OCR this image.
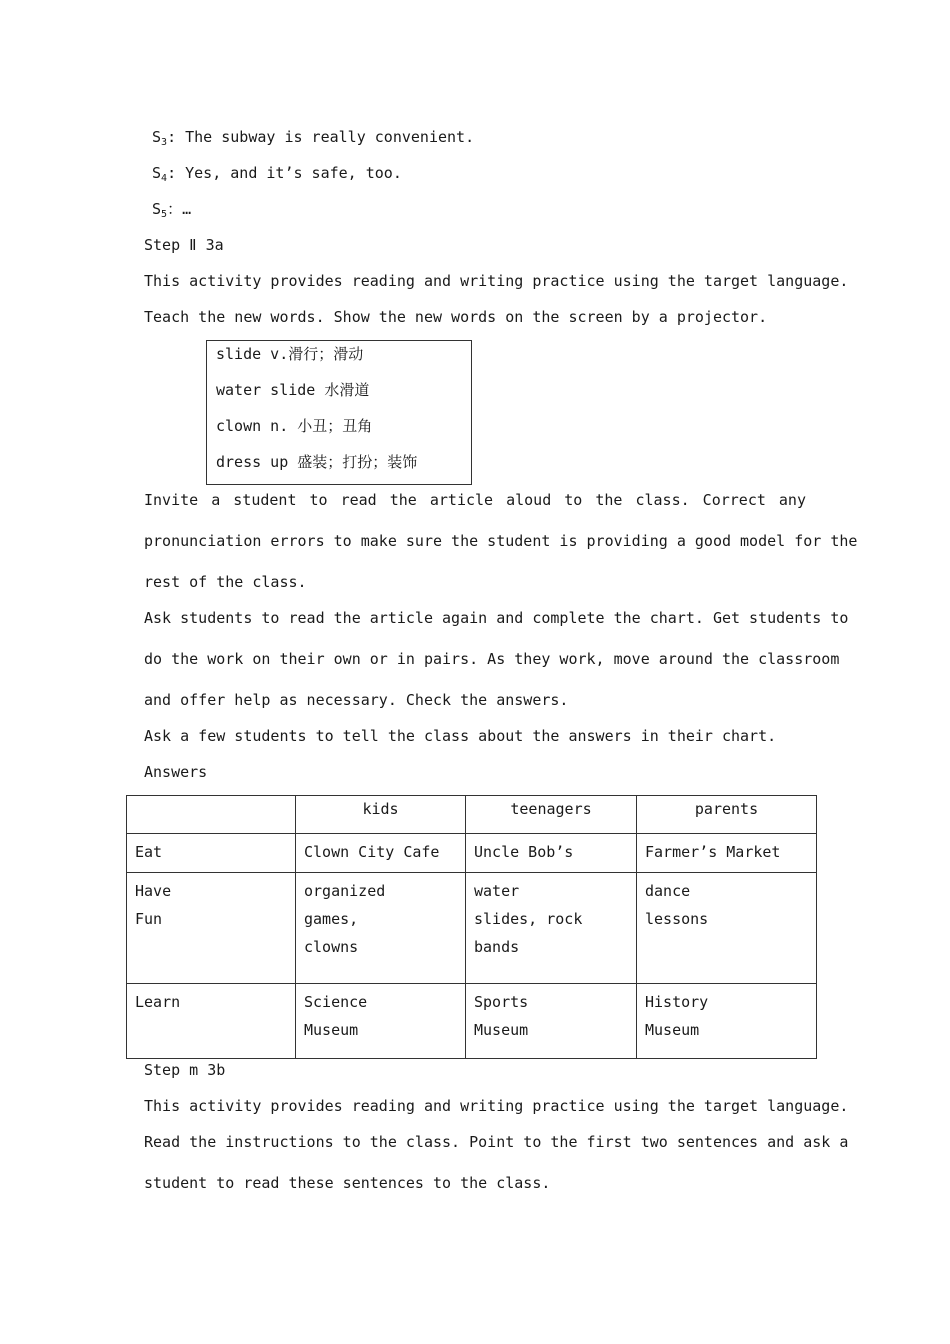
$S_3$: The subway is really convenient.
$S_4$: Yes, and it’s safe, too.
$S_5$：…
Step Ⅱ 3a
This activity provides reading and writing practice using the target language.
Teach the new words. Show the new words on the screen by a projector.
slide v.滑行；滑动
water slide 水滑道
clown n. 小丑；丑角
dress up 盛装；打扮；装饰
Invite a student to read the article aloud to the class. Correct any
pronunciation errors to make sure the student is providing a good model for the
rest of the class.
Ask students to read the article again and complete the chart. Get students to
do the work on their own or in pairs. As they work, move around the classroom
and offer help as necessary. Check the answers.
Ask a few students to tell the class about the answers in their chart.
Answers
	kids	teenagers	parents

Eat	Clown City Cafe	Uncle Bob’s	Farmer’s Market

Have
Fun	organized
games,
clowns	water
slides, rock
bands	dance
lessons

Learn	Science
Museum	Sports
Museum	History
Museum
Step m 3b
This activity provides reading and writing practice using the target language.
Read the instructions to the class. Point to the first two sentences and ask a
student to read these sentences to the class.
